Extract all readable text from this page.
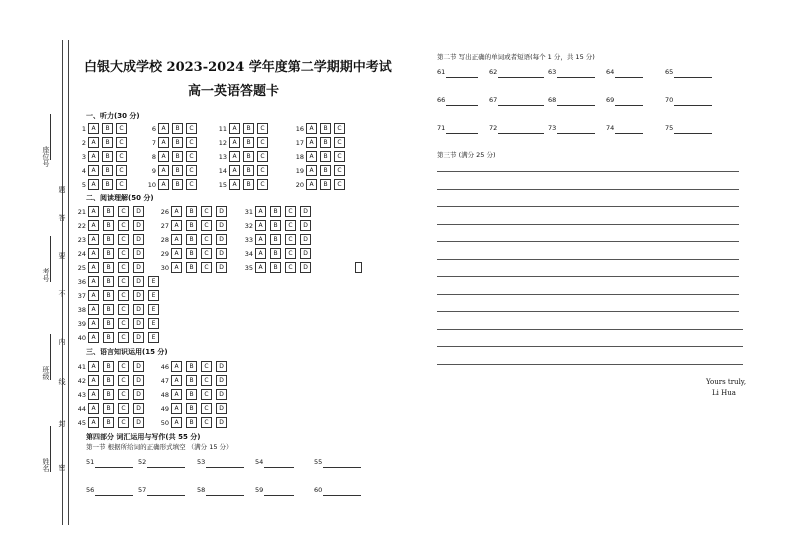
白银大成学校 2023-2024 学年度第二学期期中考试
高一英语答题卡
一、听力(30 分)
1 A	B	C
2 A	B	C
3 A	B	C
4 A	B	C
5 A	B	C
6 A	B	C
7 A	B	C
8 A	B	C
9 A	B	C
10 A	B	C
11 A	B	C
12 A	B	C
13 A	B	C
14 A	B	C
15 A	B	C
16 A	B	C
17 A	B	C
18 A	B	C
19 A	B	C
20 A	B	C
二、阅读理解(50 分)
21 A	B	C	D
22 A	B	C	D
23 A	B	C	D
24 A	B	C	D
25 A	B	C	D
26 A	B	C	D
27 A	B	C	D
28 A	B	C	D
29 A	B	C	D
30 A	B	C	D
31 A	B	C	D
32 A	B	C	D
33 A	B	C	D
34 A	B	C	D
35 A	B	C	D
36 A	B	C	D	E
37 A	B	C	D	E
38 A	B	C	D	E
39 A	B	C	D	E
40 A	B	C	D	E
三、语言知识运用(15 分)
41 A	B	C	D
42 A	B	C	D
43 A	B	C	D
44 A	B	C	D
45 A	B	C	D
46 A	B	C	D
47 A	B	C	D
48 A	B	C	D
49 A	B	C	D
50 A	B	C	D
第四部分 词汇运用与写作(共 55 分)
第一节 根据所给词的正确形式填空 （满分 15 分）
51	52	53	54	55
56	57	58	59	60
第二节 写出正确的单词或者短语(每个 1 分，共 15 分)
61	62	63	64	65
66	67	68	69	70
71	72	73	74	75
第三节 (满分 25 分)
Yours truly,
Li Hua
座位号
考号
班级
姓名 密
封
线
内
不
要
答
题
